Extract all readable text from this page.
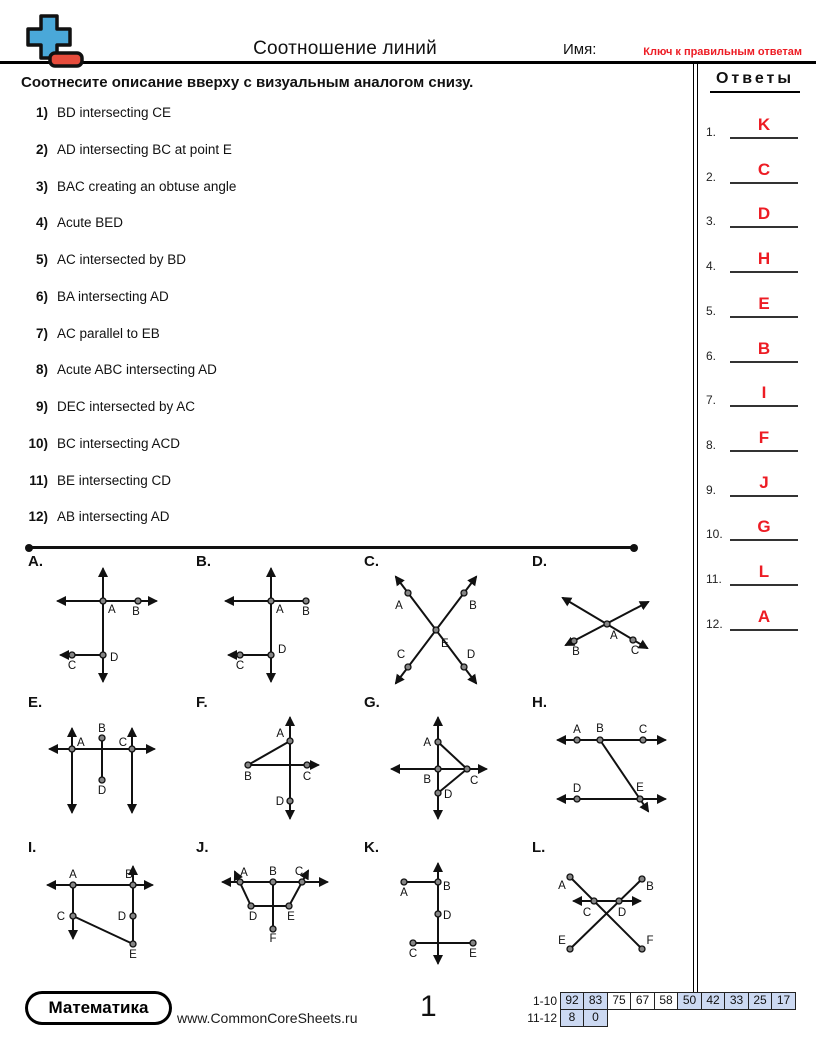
Соотношение линий	Имя:	Ключ к правильным ответам
Соотнесите описание вверху с визуальным аналогом снизу.
1) BD intersecting CE
2) AD intersecting BC at point E
3) BAC creating an obtuse angle
4) Acute BED
5) AC intersected by BD
6) BA intersecting AD
7) AC parallel to EB
8) Acute ABC intersecting AD
9) DEC intersected by AC
10) BC intersecting ACD
11) BE intersecting CD
12) AB intersecting AD
Ответы
1.	K
2.	C
3.	D
4.	H
5.	E
6.	B
7.	I
8.	F
9.	J
10.	G
11.	L
12.	A
A.
A B
C
D
B.
A B
C
D
C.
A	B
E
C	D
D.
A
B	C
E.
A
B
C
D
F.
A
B	C
D
G.
A
B	C
D
H.
A B	C
D	E
I.
A	B
C	D
E
J.
A B C
D	E
F
K.
A	B
C
D
E
L.
A	B
C D
E	F
Математика
www.CommonCoreSheets.ru 1	1-10 92 83 75 67 58 50 42 33 25 17
11-12 8	0
